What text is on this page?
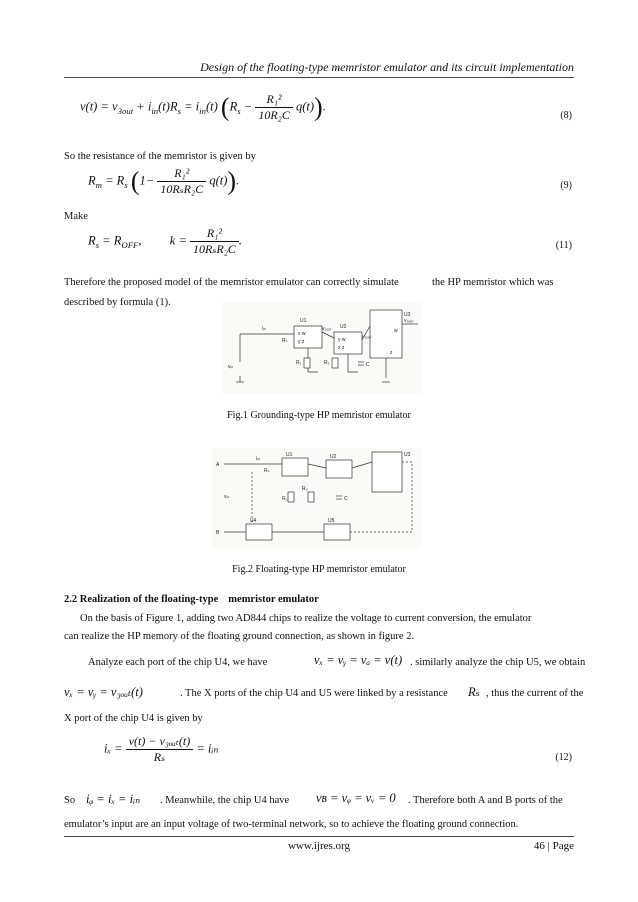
Design of the floating-type memristor emulator and its circuit implementation
$v(t) = v_{3out} + i_{in}(t)R_s = i_{in}(t) (R_s - \frac{\text{R₁²}}{\text{10R₂C}} q(t))$.
(8)
So the resistance of the memristor is given by
$R_m = R_s$ $(1- \frac{\text{R₁²}}{\text{10RₛR₂C}} q(t))$.	(9)
Make
$R_s = R_{OFF}$, $k = \frac{\text{R₁²}}{\text{10RₛR₂C}}$ .	(11)
Therefore the proposed model of the memristor emulator can correctly simulate	the HP memristor which was
described by formula (1).
U1
U2
U3
iᵢₙ
Rₛ
R₁	R₂	C
vᵢₙ
x w
y z	y w
x z
w
z
v₁ₒᵤₜ
v₂ₒᵤₜ
v₃ₒᵤₜ
Fig.1 Grounding-type HP memristor emulator
A
B
U1	U2	U3
U4	U5
iᵢₙ
Rₛ
R₁
R₂
C
vᵢₙ
Fig.2 Floating-type HP memristor emulator
2.2 Realization of the floating-type memristor emulator
On the basis of Figure 1, adding two AD844 chips to realize the voltage to current conversion, the emulator
can realize the HP memory of the floating ground connection, as shown in figure 2.
Analyze each port of the chip U4, we have	vₓ = vᵧ = vₐ = v(t) . similarly analyze the chip U5, we obtain
vₓ = vᵧ = v₃ₒᵤₜ(t)	. The X ports of the chip U4 and U5 were linked by a resistance Rₛ , thus the current of the
X port of the chip U4 is given by
$i_x = \frac{\text{v(t) − v₃ₒᵤₜ(t)}}{\text{Rₛ}}$ = iᵢₙ
(12)
So iᵩ = iₓ = iᵢₙ . Meanwhile, the chip U4 have vʙ = vᵩ = vᵥ = 0 . Therefore both A and B ports of the
emulator’s input are an input voltage of two-terminal network, so to achieve the floating ground connection.
www.ijres.org	46 | Page
